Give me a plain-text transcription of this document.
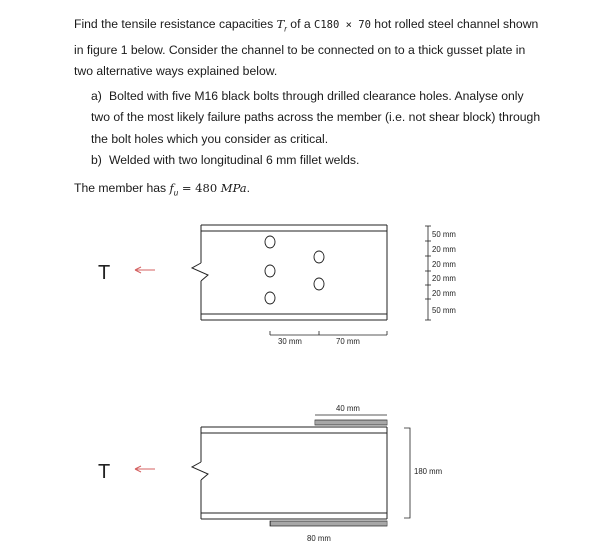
Find the tensile resistance capacities $T_r$ of a C180 × 70 hot rolled steel channel shown in figure 1 below. Consider the channel to be connected on to a thick gusset plate in two alternative ways explained below.
a) Bolted with five M16 black bolts through drilled clearance holes. Analyse only two of the most likely failure paths across the member (i.e. not shear block) through the bolt holes which you consider as critical.
b) Welded with two longitudinal 6 mm fillet welds.
The member has $f_u = 480$ MPa.
T
50 mm
20 mm
20 mm
20 mm
20 mm
50 mm
30 mm	70 mm
T
40 mm
80 mm
180 mm
